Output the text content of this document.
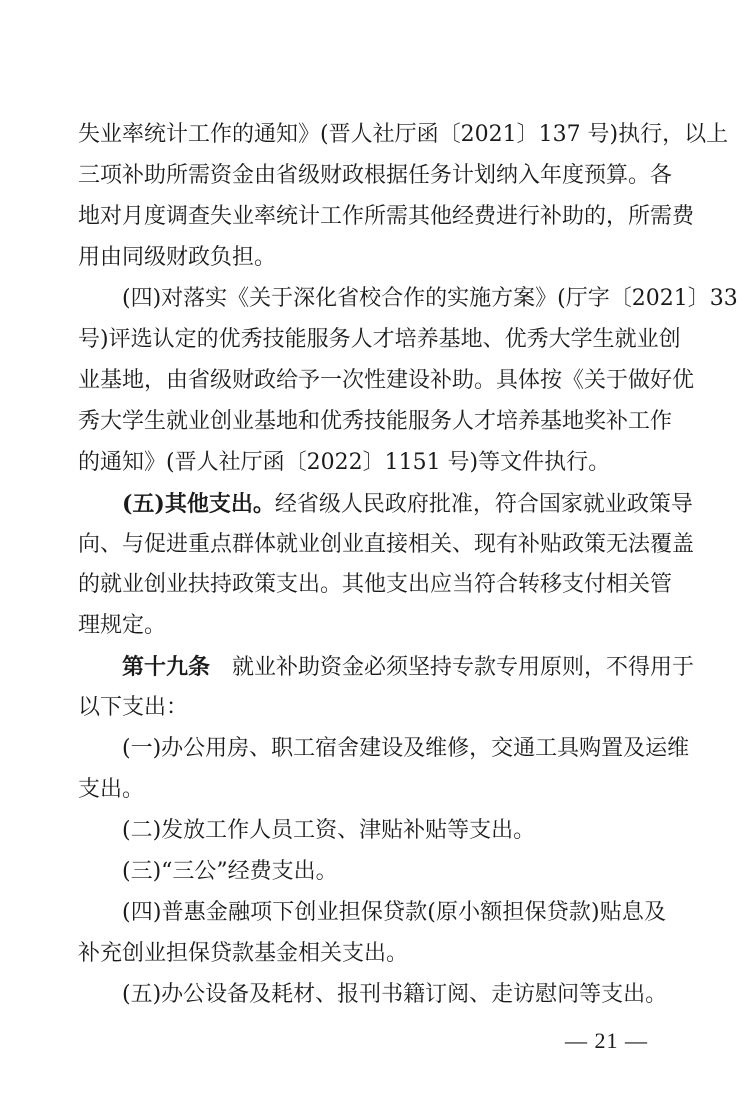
失业率统计工作的通知》(晋人社厅函〔2021〕137 号)执行，以上
三项补助所需资金由省级财政根据任务计划纳入年度预算。各
地对月度调查失业率统计工作所需其他经费进行补助的，所需费
用由同级财政负担。
(四)对落实《关于深化省校合作的实施方案》(厅字〔2021〕33
号)评选认定的优秀技能服务人才培养基地、优秀大学生就业创
业基地，由省级财政给予一次性建设补助。具体按《关于做好优
秀大学生就业创业基地和优秀技能服务人才培养基地奖补工作
的通知》(晋人社厅函〔2022〕1151 号)等文件执行。
(五)其他支出。经省级人民政府批准，符合国家就业政策导
向、与促进重点群体就业创业直接相关、现有补贴政策无法覆盖
的就业创业扶持政策支出。其他支出应当符合转移支付相关管
理规定。
第十九条 就业补助资金必须坚持专款专用原则，不得用于
以下支出：
(一)办公用房、职工宿舍建设及维修，交通工具购置及运维
支出。
(二)发放工作人员工资、津贴补贴等支出。
(三)“三公”经费支出。
(四)普惠金融项下创业担保贷款(原小额担保贷款)贴息及
补充创业担保贷款基金相关支出。
(五)办公设备及耗材、报刊书籍订阅、走访慰问等支出。
— 21 —
